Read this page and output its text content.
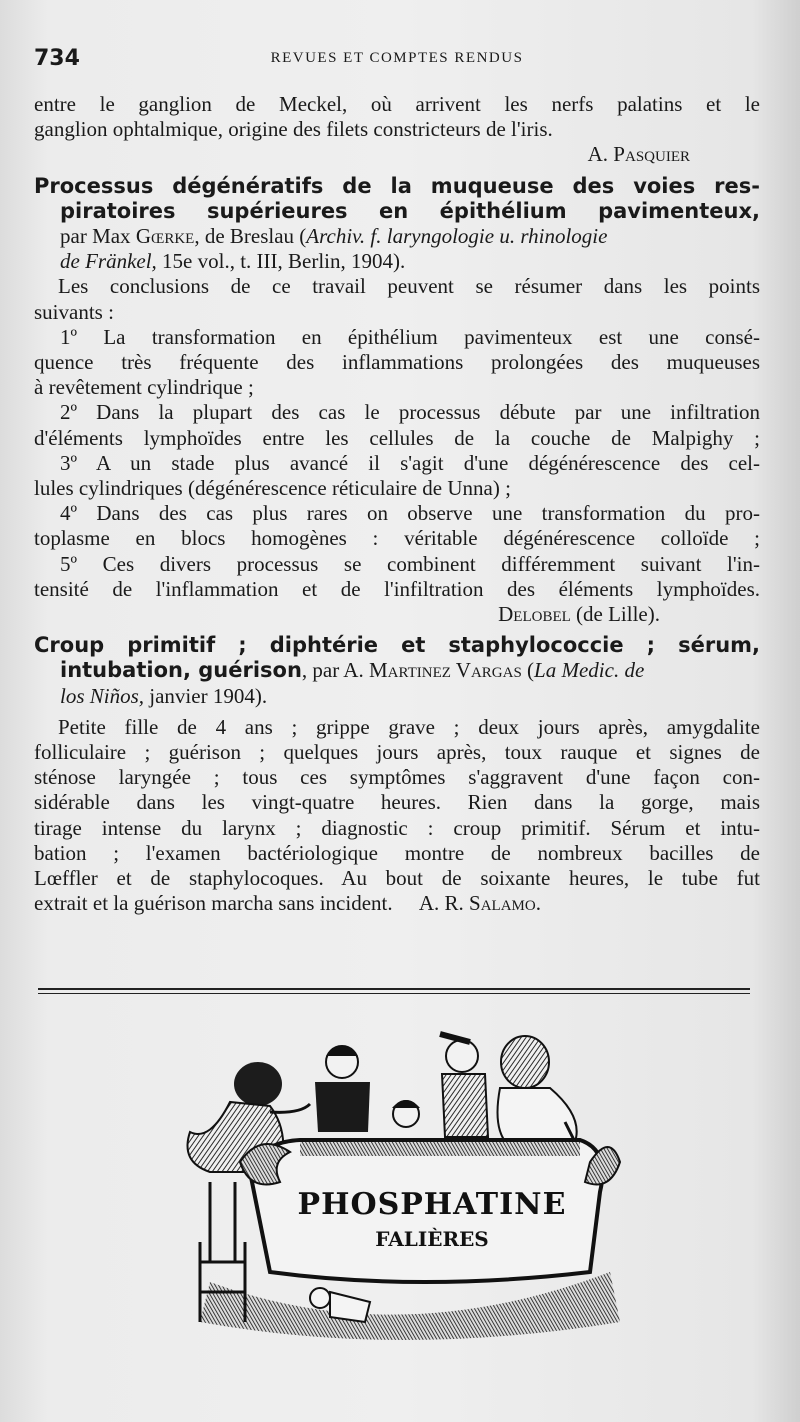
734	REVUES ET COMPTES RENDUS
entre le ganglion de Meckel, où arrivent les nerfs palatins et le
ganglion ophtalmique, origine des filets constricteurs de l'iris.
A. Pasquier
Processus dégénératifs de la muqueuse des voies res-
piratoires supérieures en épithélium pavimenteux,
par Max Gœrke, de Breslau (Archiv. f. laryngologie u. rhinologie
de Fränkel, 15e vol., t. III, Berlin, 1904).
Les conclusions de ce travail peuvent se résumer dans les points
suivants :
1º La transformation en épithélium pavimenteux est une consé-
quence très fréquente des inflammations prolongées des muqueuses
à revêtement cylindrique ;
2º Dans la plupart des cas le processus débute par une infiltration
d'éléments lymphoïdes entre les cellules de la couche de Malpighy ;
3º A un stade plus avancé il s'agit d'une dégénérescence des cel-
lules cylindriques (dégénérescence réticulaire de Unna) ;
4º Dans des cas plus rares on observe une transformation du pro-
toplasme en blocs homogènes : véritable dégénérescence colloïde ;
5º Ces divers processus se combinent différemment suivant l'in-
tensité de l'inflammation et de l'infiltration des éléments lymphoïdes.
Delobel (de Lille).
Croup primitif ; diphtérie et staphylococcie ; sérum,
intubation, guérison, par A. Martinez Vargas (La Medic. de
los Niños, janvier 1904).
Petite fille de 4 ans ; grippe grave ; deux jours après, amygdalite
folliculaire ; guérison ; quelques jours après, toux rauque et signes de
sténose laryngée ; tous ces symptômes s'aggravent d'une façon con-
sidérable dans les vingt-quatre heures. Rien dans la gorge, mais
tirage intense du larynx ; diagnostic : croup primitif. Sérum et intu-
bation ; l'examen bactériologique montre de nombreux bacilles de
Lœffler et de staphylocoques. Au bout de soixante heures, le tube fut
extrait et la guérison marcha sans incident. A. R. Salamo.
PHOSPHATINE
FALIÈRES
